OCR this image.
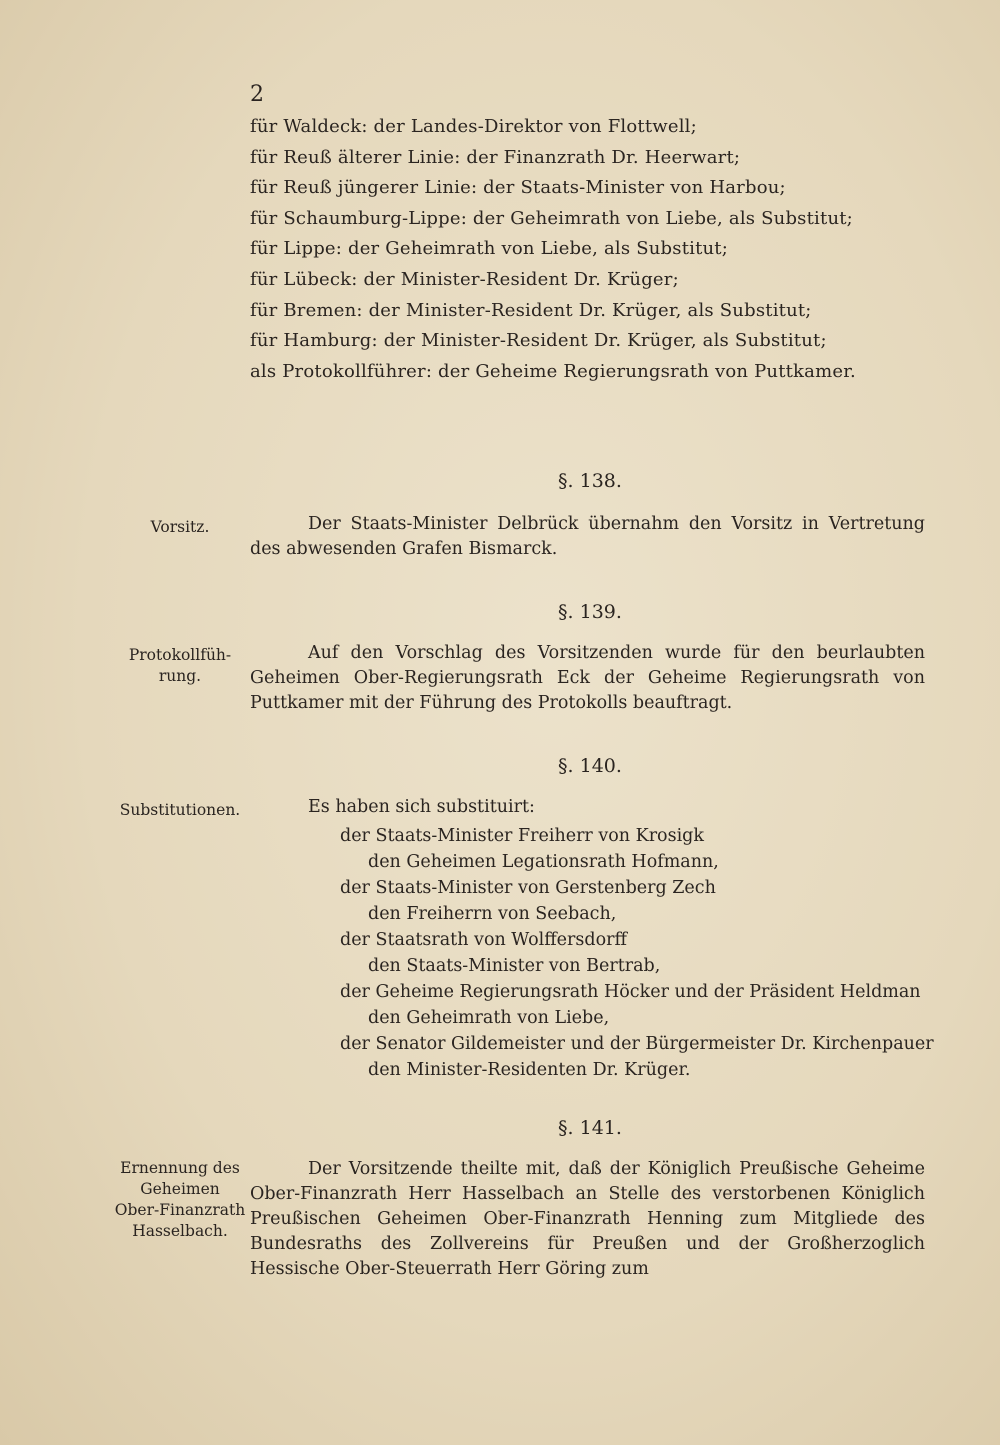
2
für Waldeck: der Landes-Direktor von Flottwell;
für Reuß älterer Linie: der Finanzrath Dr. Heerwart;
für Reuß jüngerer Linie: der Staats-Minister von Harbou;
für Schaumburg-Lippe: der Geheimrath von Liebe, als Substitut;
für Lippe: der Geheimrath von Liebe, als Substitut;
für Lübeck: der Minister-Resident Dr. Krüger;
für Bremen: der Minister-Resident Dr. Krüger, als Substitut;
für Hamburg: der Minister-Resident Dr. Krüger, als Substitut;
als Protokollführer: der Geheime Regierungsrath von Puttkamer.
§. 138.
Vorsitz.	Der Staats-Minister Delbrück übernahm den Vorsitz in Vertretung des abwesenden Grafen Bismarck.
§. 139.
Protokollfüh-
rung.
Auf den Vorschlag des Vorsitzenden wurde für den beurlaubten Geheimen Ober-Regierungsrath Eck der Geheime Regierungsrath von Puttkamer mit der Führung des Protokolls beauftragt.
§. 140.
Substitutionen.	Es haben sich substituirt:
der Staats-Minister Freiherr von Krosigk
den Geheimen Legationsrath Hofmann,
der Staats-Minister von Gerstenberg Zech
den Freiherrn von Seebach,
der Staatsrath von Wolffersdorff
den Staats-Minister von Bertrab,
der Geheime Regierungsrath Höcker und der Präsident Heldman
den Geheimrath von Liebe,
der Senator Gildemeister und der Bürgermeister Dr. Kirchenpauer
den Minister-Residenten Dr. Krüger.
§. 141.
Ernennung des
Geheimen
Ober-Finanzrath
Hasselbach.
Der Vorsitzende theilte mit, daß der Königlich Preußische Geheime Ober-Finanzrath Herr Hasselbach an Stelle des verstorbenen Königlich Preußischen Geheimen Ober-Finanzrath Henning zum Mitgliede des Bundesraths des Zollvereins für Preußen und der Großherzoglich Hessische Ober-Steuerrath Herr Göring zum
